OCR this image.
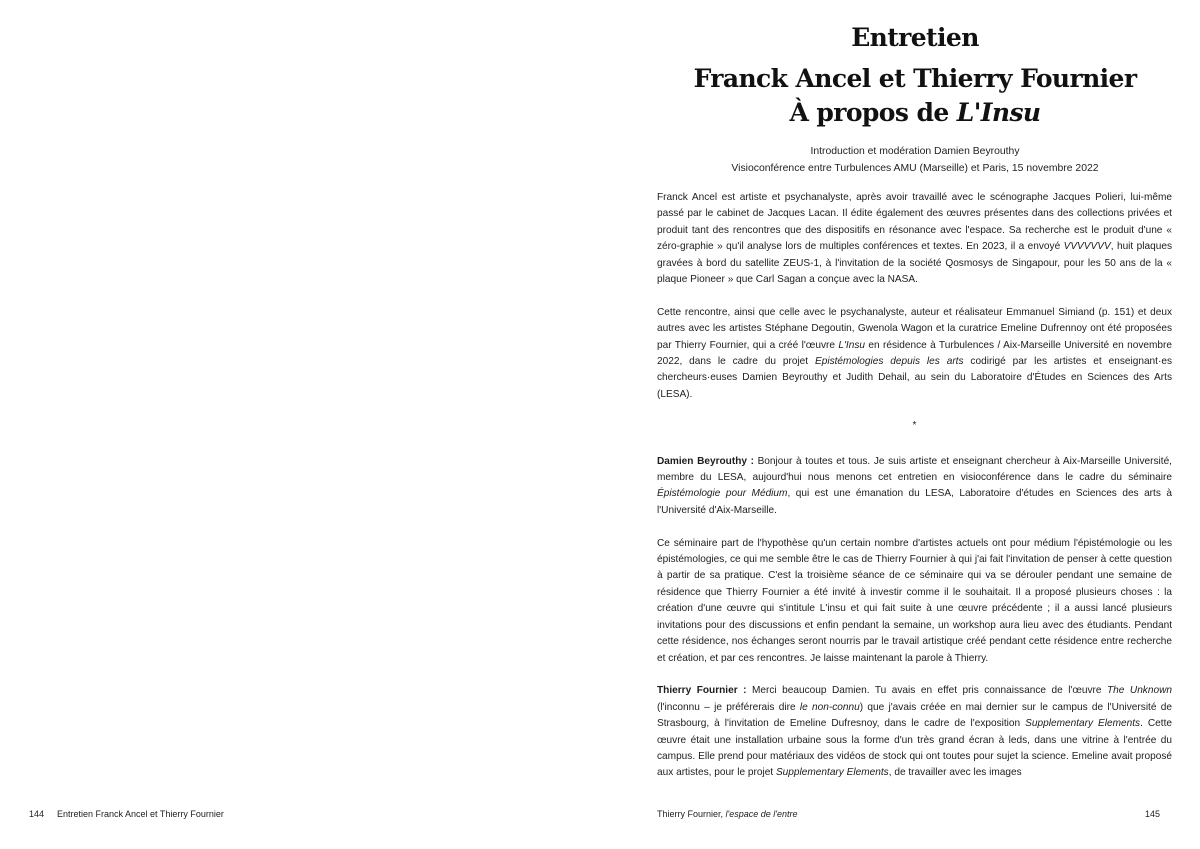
144 Entretien Franck Ancel et Thierry Fournier
Entretien
Franck Ancel et Thierry Fournier
À propos de L'Insu
Introduction et modération Damien Beyrouthy
Visioconférence entre Turbulences AMU (Marseille) et Paris, 15 novembre 2022

Franck Ancel est artiste et psychanalyste, après avoir travaillé avec le scénographe Jacques Polieri, lui-même passé par le cabinet de Jacques Lacan. Il édite également des œuvres présentes dans des collections privées et produit tant des rencontres que des dispositifs en résonance avec l'espace. Sa recherche est le produit d'une « zéro-graphie » qu'il analyse lors de multiples conférences et textes. En 2023, il a envoyé VVVVVVV, huit plaques gravées à bord du satellite ZEUS-1, à l'invitation de la société Qosmosys de Singapour, pour les 50 ans de la « plaque Pioneer » que Carl Sagan a conçue avec la NASA.

Cette rencontre, ainsi que celle avec le psychanalyste, auteur et réalisateur Emmanuel Simiand (p. 151) et deux autres avec les artistes Stéphane Degoutin, Gwenola Wagon et la curatrice Emeline Dufrennoy ont été proposées par Thierry Fournier, qui a créé l'œuvre L'Insu en résidence à Turbulences / Aix-Marseille Université en novembre 2022, dans le cadre du projet Epistémologies depuis les arts codirigé par les artistes et enseignant·es chercheurs·euses Damien Beyrouthy et Judith Dehail, au sein du Laboratoire d'Études en Sciences des Arts (LESA).

*

Damien Beyrouthy : Bonjour à toutes et tous. Je suis artiste et enseignant chercheur à Aix-Marseille Université, membre du LESA, aujourd'hui nous menons cet entretien en visioconférence dans le cadre du séminaire Épistémologie pour Médium, qui est une émanation du LESA, Laboratoire d'études en Sciences des arts à l'Université d'Aix-Marseille.

Ce séminaire part de l'hypothèse qu'un certain nombre d'artistes actuels ont pour médium l'épistémologie ou les épistémologies, ce qui me semble être le cas de Thierry Fournier à qui j'ai fait l'invitation de penser à cette question à partir de sa pratique. C'est la troisième séance de ce séminaire qui va se dérouler pendant une semaine de résidence que Thierry Fournier a été invité à investir comme il le souhaitait. Il a proposé plusieurs choses : la création d'une œuvre qui s'intitule L'insu et qui fait suite à une œuvre précédente ; il a aussi lancé plusieurs invitations pour des discussions et enfin pendant la semaine, un workshop aura lieu avec des étudiants. Pendant cette résidence, nos échanges seront nourris par le travail artistique créé pendant cette résidence entre recherche et création, et par ces rencontres. Je laisse maintenant la parole à Thierry.

Thierry Fournier : Merci beaucoup Damien. Tu avais en effet pris connaissance de l'œuvre The Unknown (l'inconnu – je préférerais dire le non-connu) que j'avais créée en mai dernier sur le campus de l'Université de Strasbourg, à l'invitation de Emeline Dufresnoy, dans le cadre de l'exposition Supplementary Elements. Cette œuvre était une installation urbaine sous la forme d'un très grand écran à leds, dans une vitrine à l'entrée du campus. Elle prend pour matériaux des vidéos de stock qui ont toutes pour sujet la science. Emeline avait proposé aux artistes, pour le projet Supplementary Elements, de travailler avec les images

Thierry Fournier, l'espace de l'entre	145
